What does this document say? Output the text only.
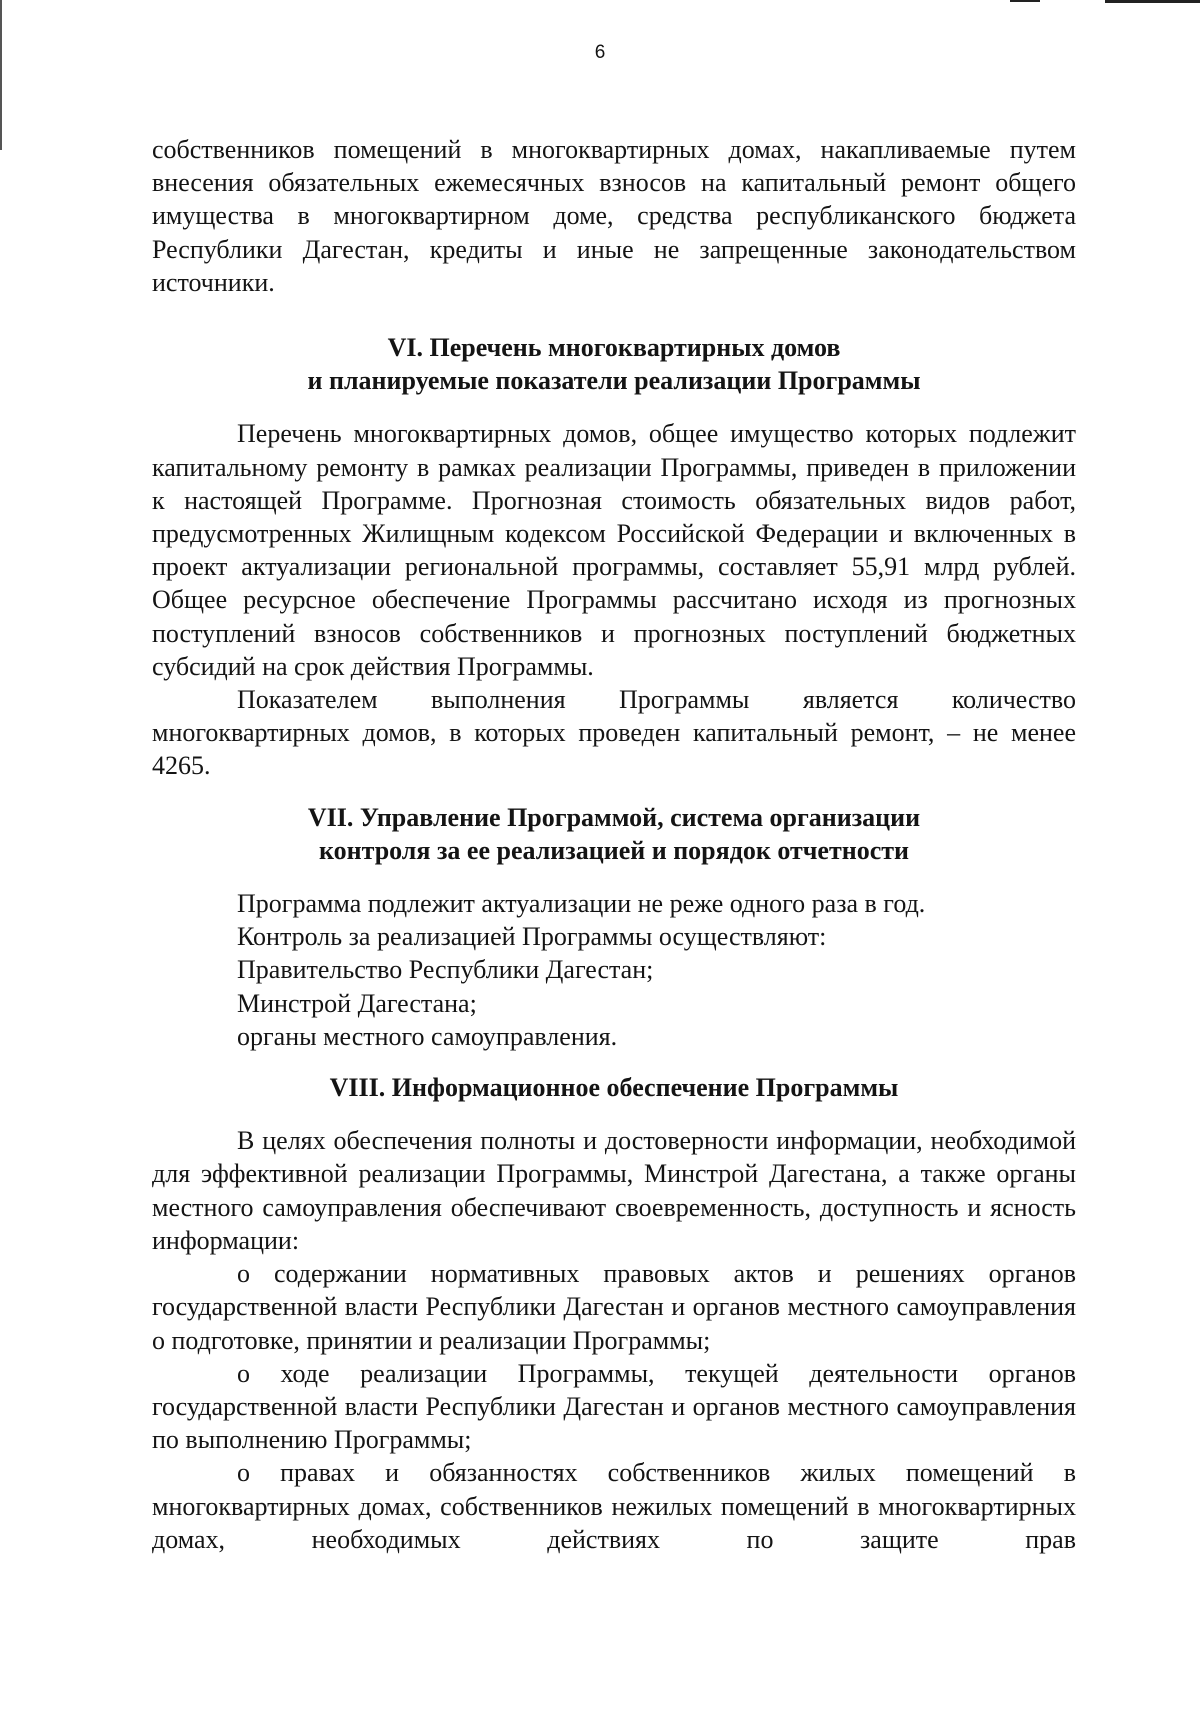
6

собственников помещений в многоквартирных домах, накапливаемые путем внесения обязательных ежемесячных взносов на капитальный ремонт общего имущества в многоквартирном доме, средства республиканского бюджета Республики Дагестан, кредиты и иные не запрещенные законодательством источники.

VI. Перечень многоквартирных домов
и планируемые показатели реализации Программы

Перечень многоквартирных домов, общее имущество которых подлежит капитальному ремонту в рамках реализации Программы, приведен в приложении к настоящей Программе. Прогнозная стоимость обязательных видов работ, предусмотренных Жилищным кодексом Российской Федерации и включенных в проект актуализации региональной программы, составляет 55,91 млрд рублей. Общее ресурсное обеспечение Программы рассчитано исходя из прогнозных поступлений взносов собственников и прогнозных поступлений бюджетных субсидий на срок действия Программы.

Показателем выполнения Программы является количество многоквартирных домов, в которых проведен капитальный ремонт, – не менее 4265.

VII. Управление Программой, система организации
контроля за ее реализацией и порядок отчетности

Программа подлежит актуализации не реже одного раза в год.

Контроль за реализацией Программы осуществляют:

Правительство Республики Дагестан;

Минстрой Дагестана;

органы местного самоуправления.

VIII. Информационное обеспечение Программы

В целях обеспечения полноты и достоверности информации, необходимой для эффективной реализации Программы, Минстрой Дагестана, а также органы местного самоуправления обеспечивают своевременность, доступность и ясность информации:

о содержании нормативных правовых актов и решениях органов государственной власти Республики Дагестан и органов местного самоуправления о подготовке, принятии и реализации Программы;

о ходе реализации Программы, текущей деятельности органов государственной власти Республики Дагестан и органов местного самоуправления по выполнению Программы;

о правах и обязанностях собственников жилых помещений в многоквартирных домах, собственников нежилых помещений в многоквартирных домах, необходимых действиях по защите прав
